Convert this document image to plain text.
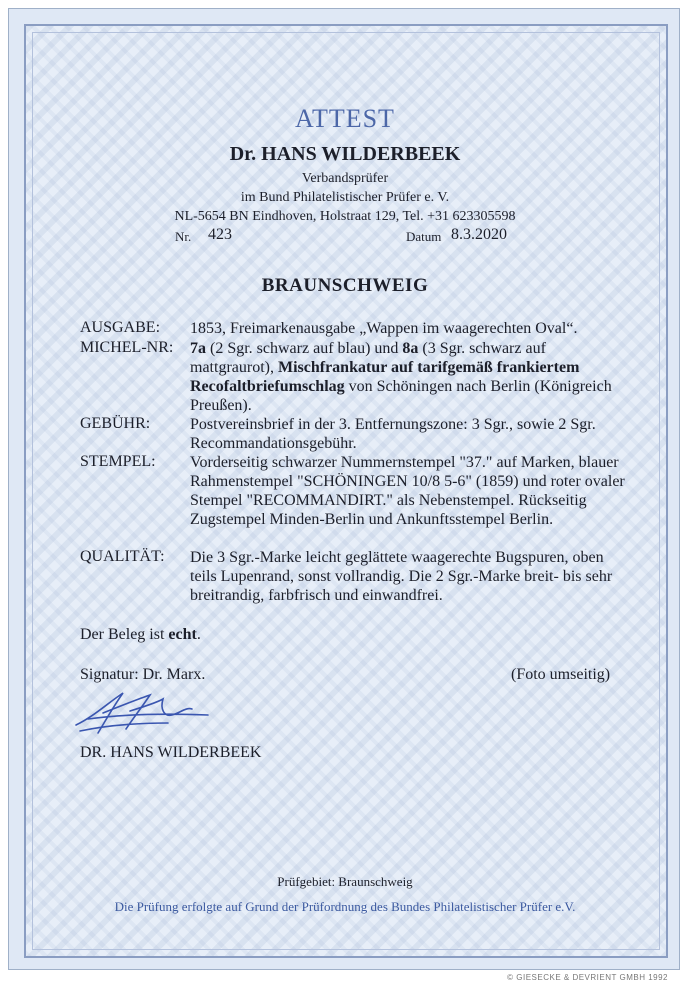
ATTEST
Dr. HANS WILDERBEEK
Verbandsprüfer
im Bund Philatelistischer Prüfer e. V.
NL-5654 BN Eindhoven, Holstraat 129, Tel. +31 623305598
Nr. 423	Datum 8.3.2020
BRAUNSCHWEIG
AUSGABE: 1853, Freimarkenausgabe „Wappen im waagerechten Oval“.
MICHEL-NR: 7a (2 Sgr. schwarz auf blau) und 8a (3 Sgr. schwarz auf mattgraurot), Mischfrankatur auf tarifgemäß frankiertem Recofaltbriefumschlag von Schöningen nach Berlin (Königreich Preußen).
GEBÜHR: Postvereinsbrief in der 3. Entfernungszone: 3 Sgr., sowie 2 Sgr. Recommandationsgebühr.
STEMPEL: Vorderseitig schwarzer Nummernstempel "37." auf Marken, blauer Rahmenstempel "SCHÖNINGEN 10/8 5-6" (1859) und roter ovaler Stempel "RECOMMANDIRT." als Nebenstempel. Rückseitig Zugstempel Minden-Berlin und Ankunftsstempel Berlin.
QUALITÄT: Die 3 Sgr.-Marke leicht geglättete waagerechte Bugspuren, oben teils Lupenrand, sonst vollrandig. Die 2 Sgr.-Marke breit- bis sehr breitrandig, farbfrisch und einwandfrei.
Der Beleg ist echt.
Signatur: Dr. Marx.	(Foto umseitig)
DR. HANS WILDERBEEK
Prüfgebiet: Braunschweig
Die Prüfung erfolgte auf Grund der Prüfordnung des Bundes Philatelistischer Prüfer e.V.
© GIESECKE & DEVRIENT GMBH 1992
